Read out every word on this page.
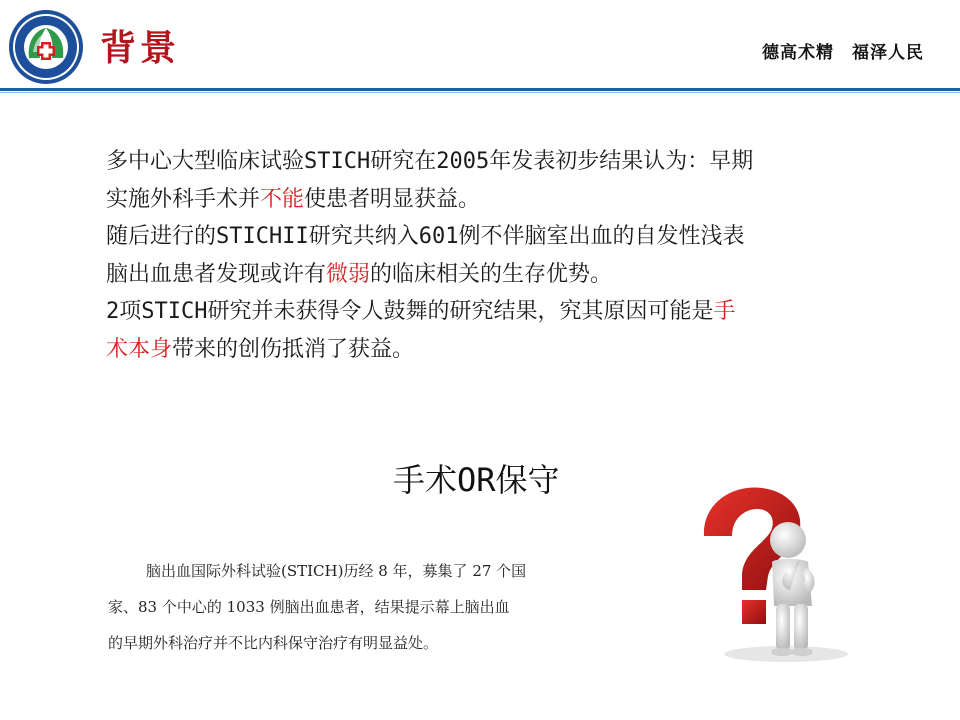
背景	德高术精 福泽人民

多中心大型临床试验STICH研究在2005年发表初步结果认为：早期

实施外科手术并不能使患者明显获益。

随后进行的STICHII研究共纳入601例不伴脑室出血的自发性浅表

脑出血患者发现或许有微弱的临床相关的生存优势。

2项STICH研究并未获得令人鼓舞的研究结果，究其原因可能是手

术本身带来的创伤抵消了获益。

手术OR保守

脑出血国际外科试验(STICH)历经 8 年，募集了 27 个国

家、83 个中心的 1033 例脑出血患者，结果提示幕上脑出血

的早期外科治疗并不比内科保守治疗有明显益处。
